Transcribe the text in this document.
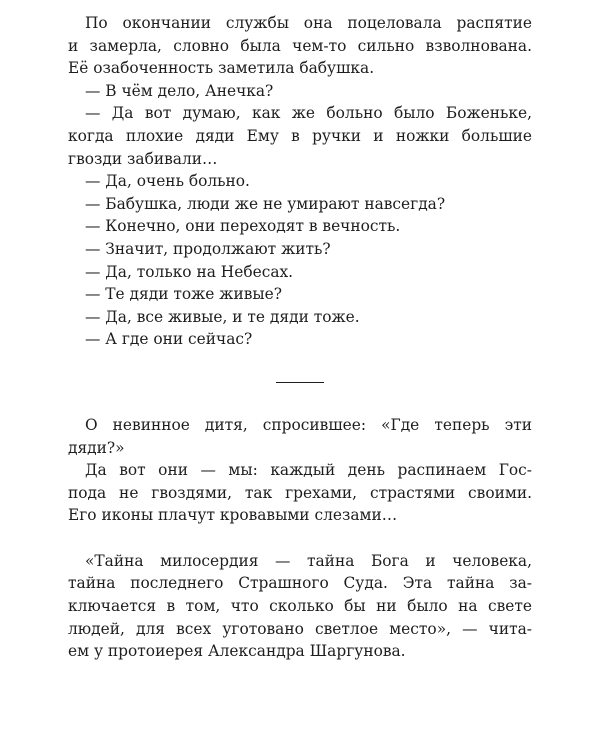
По окончании службы она поцеловала распятие

и замерла, словно была чем-то сильно взволнована.

Её озабоченность заметила бабушка.

— В чём дело, Анечка?

— Да вот думаю, как же больно было Боженьке,

когда плохие дяди Ему в ручки и ножки большие

гвозди забивали…

— Да, очень больно.

— Бабушка, люди же не умирают навсегда?

— Конечно, они переходят в вечность.

— Значит, продолжают жить?

— Да, только на Небесах.

— Те дяди тоже живые?

— Да, все живые, и те дяди тоже.

— А где они сейчас?

О невинное дитя, спросившее: «Где теперь эти

дяди?»

Да вот они — мы: каждый день распинаем Гос-

пода не гвоздями, так грехами, страстями своими.

Его иконы плачут кровавыми слезами…

«Тайна милосердия — тайна Бога и человека,

тайна последнего Страшного Суда. Эта тайна за-

ключается в том, что сколько бы ни было на свете

людей, для всех уготовано светлое место», — чита-

ем у протоиерея Александра Шаргунова.
